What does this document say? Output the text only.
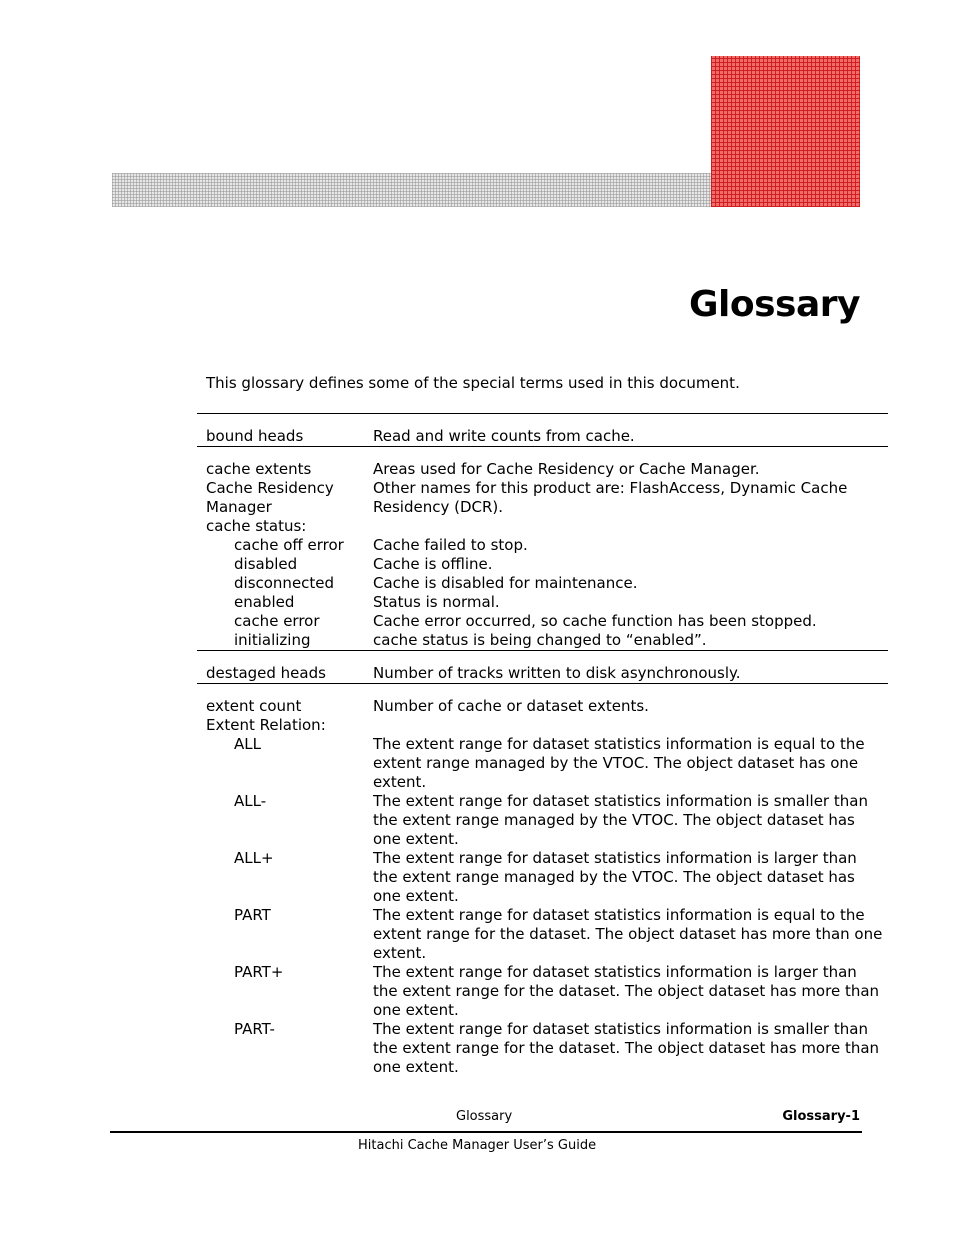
Glossary

This glossary defines some of the special terms used in this document.

bound heads	Read and write counts from cache.
cache extents	Areas used for Cache Residency or Cache Manager.
Cache Residency	Other names for this product are: FlashAccess, Dynamic Cache
Manager	Residency (DCR).
cache status:
cache off error	Cache failed to stop.
disabled	Cache is offline.
disconnected	Cache is disabled for maintenance.
enabled	Status is normal.
cache error	Cache error occurred, so cache function has been stopped.
initializing	cache status is being changed to “enabled”.
destaged heads	Number of tracks written to disk asynchronously.
extent count	Number of cache or dataset extents.
Extent Relation:
ALL	The extent range for dataset statistics information is equal to the extent range managed by the VTOC. The object dataset has one extent.
ALL-	The extent range for dataset statistics information is smaller than the extent range managed by the VTOC. The object dataset has one extent.
ALL+	The extent range for dataset statistics information is larger than the extent range managed by the VTOC. The object dataset has one extent.
PART	The extent range for dataset statistics information is equal to the extent range for the dataset. The object dataset has more than one extent.
PART+	The extent range for dataset statistics information is larger than the extent range for the dataset. The object dataset has more than one extent.
PART-	The extent range for dataset statistics information is smaller than the extent range for the dataset. The object dataset has more than one extent.
Glossary	Glossary-1
Hitachi Cache Manager User’s Guide
